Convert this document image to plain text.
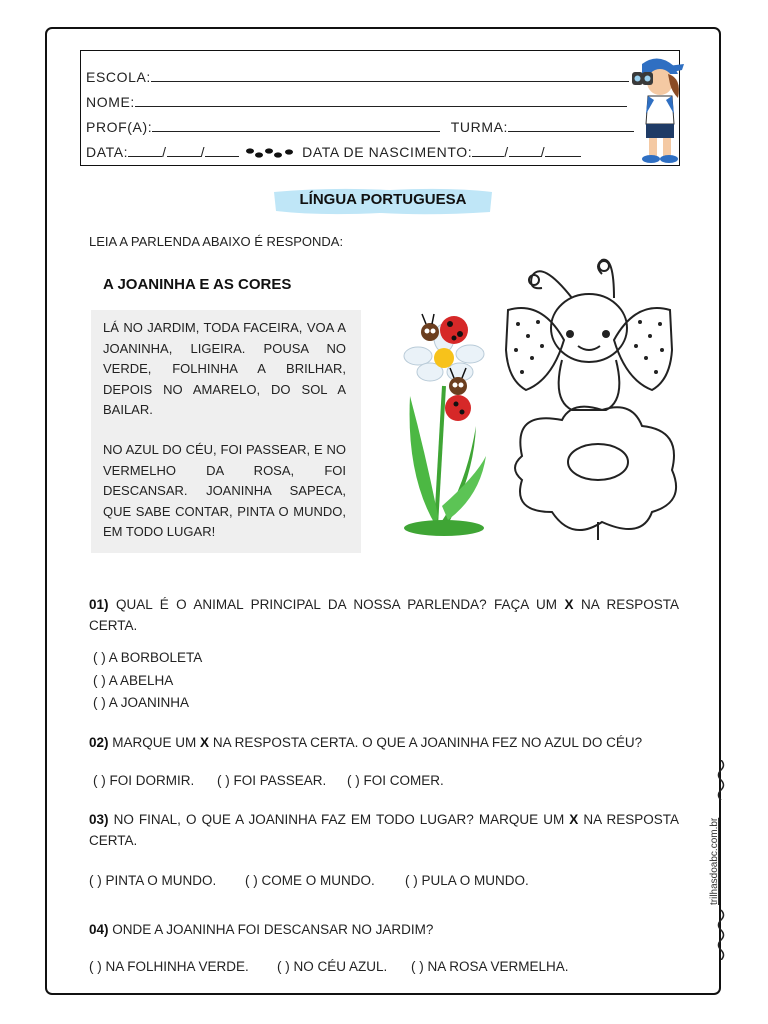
ESCOLA:
NOME:
PROF(A):	TURMA:
DATA: / /	DATA DE NASCIMENTO: / /
LÍNGUA PORTUGUESA
LEIA A PARLENDA ABAIXO É RESPONDA:
A JOANINHA E AS CORES
LÁ NO JARDIM, TODA FACEIRA, VOA A JOANINHA, LIGEIRA. POUSA NO VERDE, FOLHINHA A BRILHAR, DEPOIS NO AMARELO, DO SOL A BAILAR.
NO AZUL DO CÉU, FOI PASSEAR, E NO VERMELHO DA ROSA, FOI DESCANSAR. JOANINHA SAPECA, QUE SABE CONTAR, PINTA O MUNDO, EM TODO LUGAR!
01) QUAL É O ANIMAL PRINCIPAL DA NOSSA PARLENDA? FAÇA UM X NA RESPOSTA CERTA.
( ) A BORBOLETA
( ) A ABELHA
( ) A JOANINHA
02) MARQUE UM X NA RESPOSTA CERTA. O QUE A JOANINHA FEZ NO AZUL DO CÉU?
( ) FOI DORMIR. ( ) FOI PASSEAR. ( ) FOI COMER.
03) NO FINAL, O QUE A JOANINHA FAZ EM TODO LUGAR? MARQUE UM X NA RESPOSTA CERTA.
( ) PINTA O MUNDO. ( ) COME O MUNDO. ( ) PULA O MUNDO.
04) ONDE A JOANINHA FOI DESCANSAR NO JARDIM?
( ) NA FOLHINHA VERDE. ( ) NO CÉU AZUL. ( ) NA ROSA VERMELHA.
trilhasdoabc.com.br
